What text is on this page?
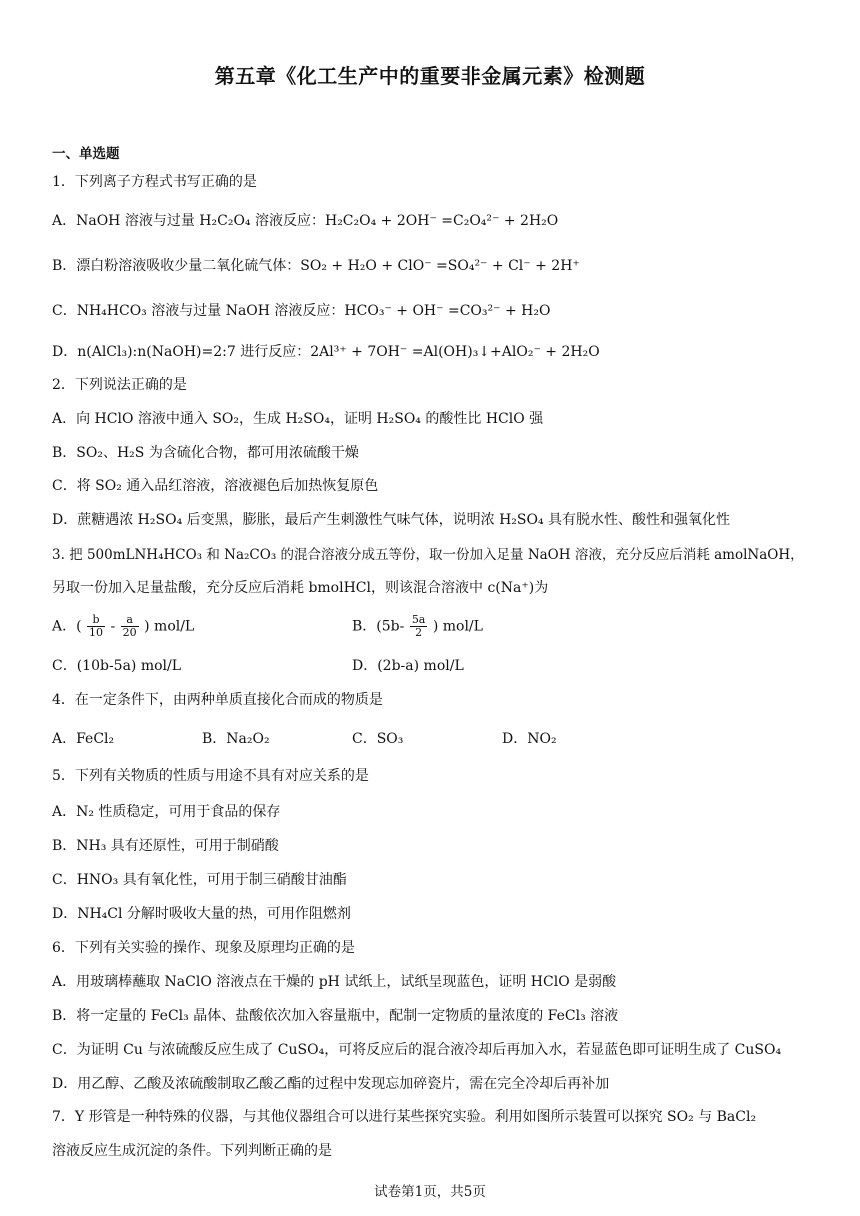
第五章《化工生产中的重要非金属元素》检测题
一、单选题
1．下列离子方程式书写正确的是
A．NaOH 溶液与过量 H₂C₂O₄ 溶液反应：H₂C₂O₄ + 2OH⁻ =C₂O₄²⁻ + 2H₂O
B．漂白粉溶液吸收少量二氧化硫气体：SO₂ + H₂O + ClO⁻ =SO₄²⁻ + Cl⁻ + 2H⁺
C．NH₄HCO₃ 溶液与过量 NaOH 溶液反应：HCO₃⁻ + OH⁻ =CO₃²⁻ + H₂O
D．n(AlCl₃):n(NaOH)=2:7 进行反应：2Al³⁺ + 7OH⁻ =Al(OH)₃↓+AlO₂⁻ + 2H₂O
2．下列说法正确的是
A．向 HClO 溶液中通入 SO₂，生成 H₂SO₄，证明 H₂SO₄ 的酸性比 HClO 强
B．SO₂、H₂S 为含硫化合物，都可用浓硫酸干燥
C．将 SO₂ 通入品红溶液，溶液褪色后加热恢复原色
D．蔗糖遇浓 H₂SO₄ 后变黑，膨胀，最后产生刺激性气味气体，说明浓 H₂SO₄ 具有脱水性、酸性和强氧化性
3. 把 500mLNH₄HCO₃ 和 Na₂CO₃ 的混合溶液分成五等份，取一份加入足量 NaOH 溶液，充分反应后消耗 amolNaOH，
另取一份加入足量盐酸，充分反应后消耗 bmolHCl，则该混合溶液中 c(Na⁺)为
A．( $\frac{b}{10} - \frac{a}{20}$ ) mol/L	B．($5b- \frac{5a}{2}$ ) mol/L
C．(10b-5a) mol/L	D．(2b-a) mol/L
4．在一定条件下，由两种单质直接化合而成的物质是
A．FeCl₂	B．Na₂O₂	C．SO₃	D．NO₂
5．下列有关物质的性质与用途不具有对应关系的是
A．N₂ 性质稳定，可用于食品的保存
B．NH₃ 具有还原性，可用于制硝酸
C．HNO₃ 具有氧化性，可用于制三硝酸甘油酯
D．NH₄Cl 分解时吸收大量的热，可用作阻燃剂
6．下列有关实验的操作、现象及原理均正确的是
A．用玻璃棒蘸取 NaClO 溶液点在干燥的 pH 试纸上，试纸呈现蓝色，证明 HClO 是弱酸
B．将一定量的 FeCl₃ 晶体、盐酸依次加入容量瓶中，配制一定物质的量浓度的 FeCl₃ 溶液
C．为证明 Cu 与浓硫酸反应生成了 CuSO₄，可将反应后的混合液冷却后再加入水，若显蓝色即可证明生成了 CuSO₄
D．用乙醇、乙酸及浓硫酸制取乙酸乙酯的过程中发现忘加碎瓷片，需在完全冷却后再补加
7．Y 形管是一种特殊的仪器，与其他仪器组合可以进行某些探究实验。利用如图所示装置可以探究 SO₂ 与 BaCl₂
溶液反应生成沉淀的条件。下列判断正确的是
试卷第1页，共5页
